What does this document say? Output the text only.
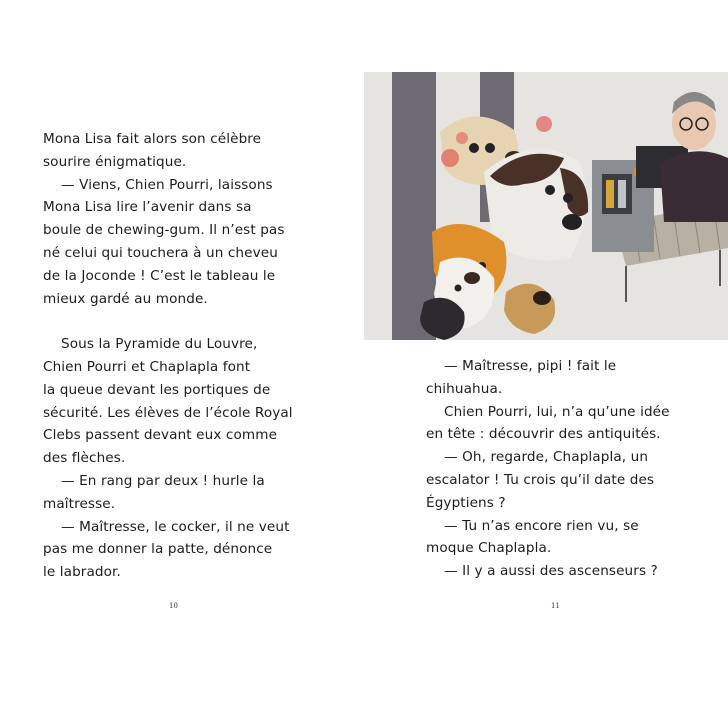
Mona Lisa fait alors son célèbre

sourire énigmatique.

— Viens, Chien Pourri, laissons

Mona Lisa lire l’avenir dans sa

boule de chewing-gum. Il n’est pas

né celui qui touchera à un cheveu

de la Joconde ! C’est le tableau le

mieux gardé au monde.

Sous la Pyramide du Louvre,

Chien Pourri et Chaplapla font

la queue devant les portiques de

sécurité. Les élèves de l’école Royal

Clebs passent devant eux comme

des flèches.

— En rang par deux ! hurle la

maîtresse.

— Maîtresse, le cocker, il ne veut

pas me donner la patte, dénonce

le labrador.

10

— Maîtresse, pipi ! fait le

chihuahua.

Chien Pourri, lui, n’a qu’une idée

en tête : découvrir des antiquités.

— Oh, regarde, Chaplapla, un

escalator ! Tu crois qu’il date des

Égyptiens ?

— Tu n’as encore rien vu, se

moque Chaplapla.

— Il y a aussi des ascenseurs ?

11
